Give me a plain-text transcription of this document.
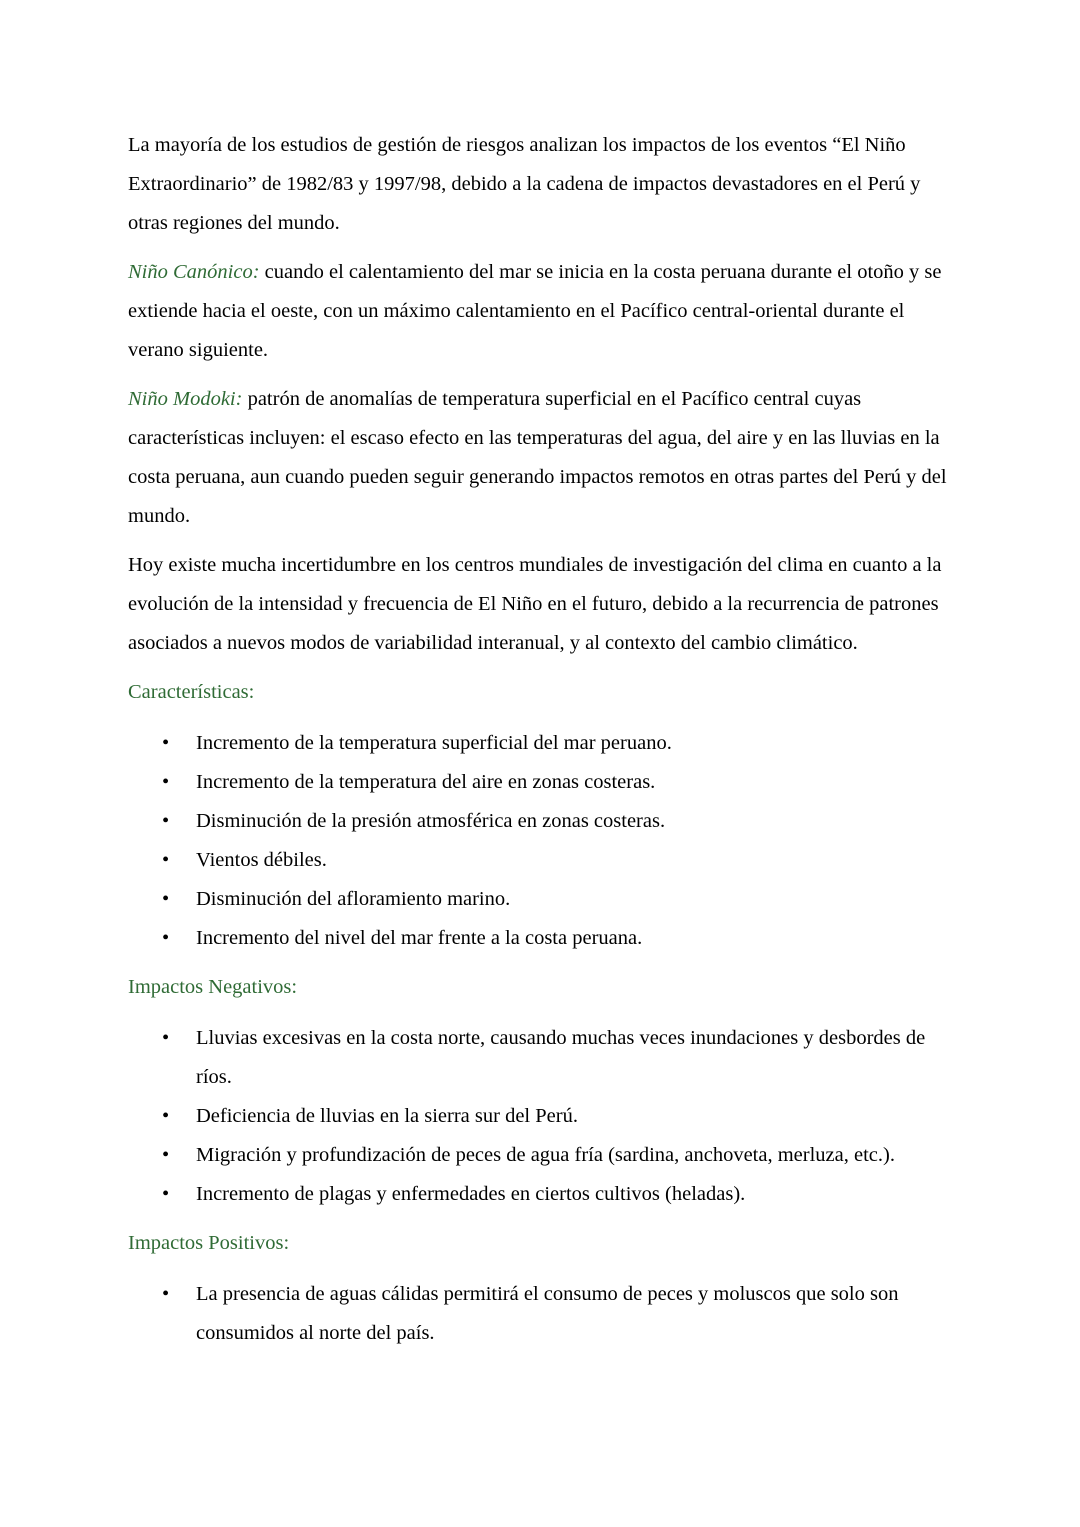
La mayoría de los estudios de gestión de riesgos analizan los impactos de los eventos “El Niño Extraordinario” de 1982/83 y 1997/98, debido a la cadena de impactos devastadores en el Perú y otras regiones del mundo.

Niño Canónico: cuando el calentamiento del mar se inicia en la costa peruana durante el otoño y se extiende hacia el oeste, con un máximo calentamiento en el Pacífico central-oriental durante el verano siguiente.

Niño Modoki: patrón de anomalías de temperatura superficial en el Pacífico central cuyas características incluyen: el escaso efecto en las temperaturas del agua, del aire y en las lluvias en la costa peruana, aun cuando pueden seguir generando impactos remotos en otras partes del Perú y del mundo.

Hoy existe mucha incertidumbre en los centros mundiales de investigación del clima en cuanto a la evolución de la intensidad y frecuencia de El Niño en el futuro, debido a la recurrencia de patrones asociados a nuevos modos de variabilidad interanual, y al contexto del cambio climático.

Características:
• Incremento de la temperatura superficial del mar peruano.
• Incremento de la temperatura del aire en zonas costeras.
• Disminución de la presión atmosférica en zonas costeras.
• Vientos débiles.
• Disminución del afloramiento marino.
• Incremento del nivel del mar frente a la costa peruana.
Impactos Negativos:
• Lluvias excesivas en la costa norte, causando muchas veces inundaciones y desbordes de ríos.
• Deficiencia de lluvias en la sierra sur del Perú.
• Migración y profundización de peces de agua fría (sardina, anchoveta, merluza, etc.).
• Incremento de plagas y enfermedades en ciertos cultivos (heladas).
Impactos Positivos:
• La presencia de aguas cálidas permitirá el consumo de peces y moluscos que solo son consumidos al norte del país.
